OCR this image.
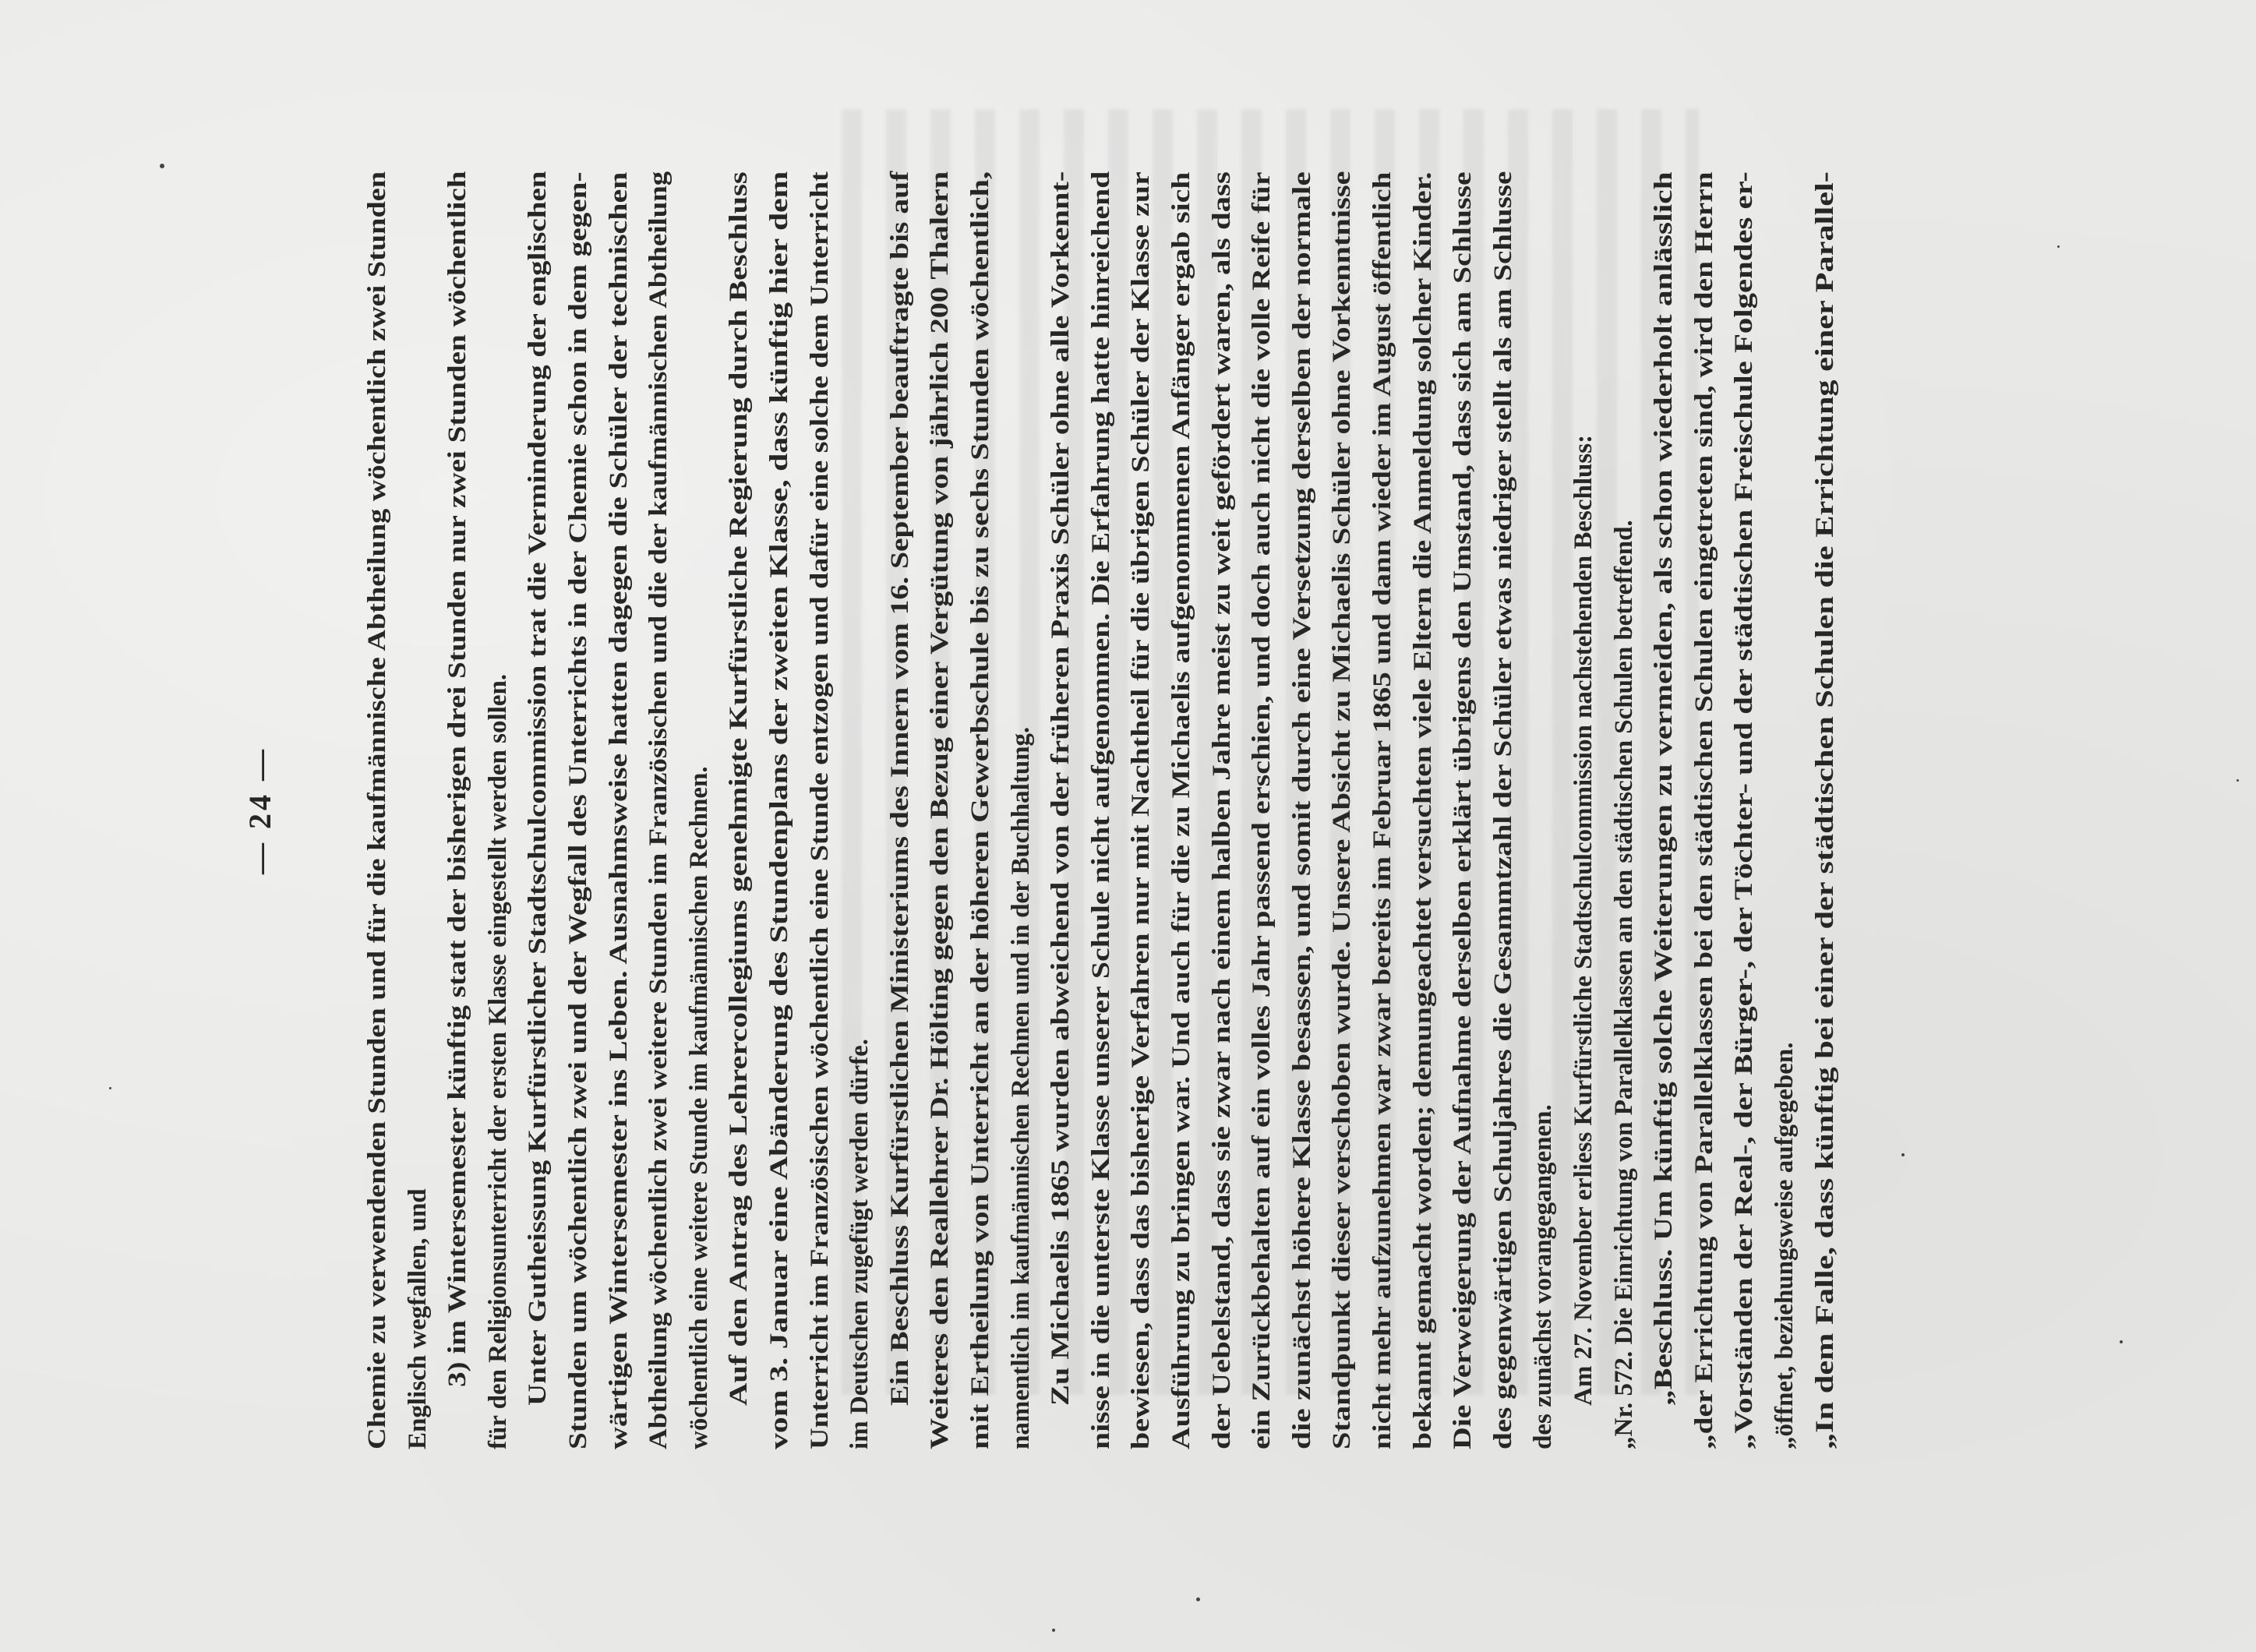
— 24 —	Chemie zu verwendenden Stunden und für die kaufmännische Abtheilung wöchentlich zwei Stunden Englisch wegfallen, und 3) im Wintersemester künftig statt der bisherigen drei Stunden nur zwei Stunden wöchentlich für den Religionsunterricht der ersten Klasse eingestellt werden sollen. Unter Gutheissung Kurfürstlicher Stadtschulcommission trat die Verminderung der englischen Stunden um wöchentlich zwei und der Wegfall des Unterrichts in der Chemie schon in dem gegen- wärtigen Wintersemester ins Leben. Ausnahmsweise hatten dagegen die Schüler der technischen Abtheilung wöchentlich zwei weitere Stunden im Französischen und die der kaufmännischen Abtheilung wöchentlich eine weitere Stunde im kaufmännischen Rechnen. Auf den Antrag des Lehrercollegiums genehmigte Kurfürstliche Regierung durch Beschluss vom 3. Januar eine Abänderung des Stundenplans der zweiten Klasse, dass künftig hier dem Unterricht im Französischen wöchentlich eine Stunde entzogen und dafür eine solche dem Unterricht im Deutschen zugefügt werden dürfe. Ein Beschluss Kurfürstlichen Ministeriums des Innern vom 16. September beauftragte bis auf Weiteres den Reallehrer Dr. Hölting gegen den Bezug einer Vergütung von jährlich 200 Thalern mit Ertheilung von Unterricht an der höheren Gewerbschule bis zu sechs Stunden wöchentlich, namentlich im kaufmännischen Rechnen und in der Buchhaltung. Zu Michaelis 1865 wurden abweichend von der früheren Praxis Schüler ohne alle Vorkennt- nisse in die unterste Klasse unserer Schule nicht aufgenommen. Die Erfahrung hatte hinreichend bewiesen, dass das bisherige Verfahren nur mit Nachtheil für die übrigen Schüler der Klasse zur Ausführung zu bringen war. Und auch für die zu Michaelis aufgenommenen Anfänger ergab sich der Uebelstand, dass sie zwar nach einem halben Jahre meist zu weit gefördert waren, als dass ein Zurückbehalten auf ein volles Jahr passend erschien, und doch auch nicht die volle Reife für die zunächst höhere Klasse besassen, und somit durch eine Versetzung derselben der normale Standpunkt dieser verschoben wurde. Unsere Absicht zu Michaelis Schüler ohne Vorkenntnisse nicht mehr aufzunehmen war zwar bereits im Februar 1865 und dann wieder im August öffentlich bekannt gemacht worden; demungeachtet versuchten viele Eltern die Anmeldung solcher Kinder. Die Verweigerung der Aufnahme derselben erklärt übrigens den Umstand, dass sich am Schlusse des gegenwärtigen Schuljahres die Gesammtzahl der Schüler etwas niedriger stellt als am Schlusse des zunächst vorangegangenen. Am 27. November erliess Kurfürstliche Stadtschulcommission nachstehenden Beschluss: „Nr. 572. Die Einrichtung von Parallelklassen an den städtischen Schulen betreffend. „Beschluss. Um künftig solche Weiterungen zu vermeiden, als schon wiederholt anlässlich „der Errichtung von Parallelklassen bei den städtischen Schulen eingetreten sind, wird den Herrn „Vorständen der Real-, der Bürger-, der Töchter- und der städtischen Freischule Folgendes er- „öffnet, beziehungsweise aufgegeben. „In dem Falle, dass künftig bei einer der städtischen Schulen die Errichtung einer Parallel-
